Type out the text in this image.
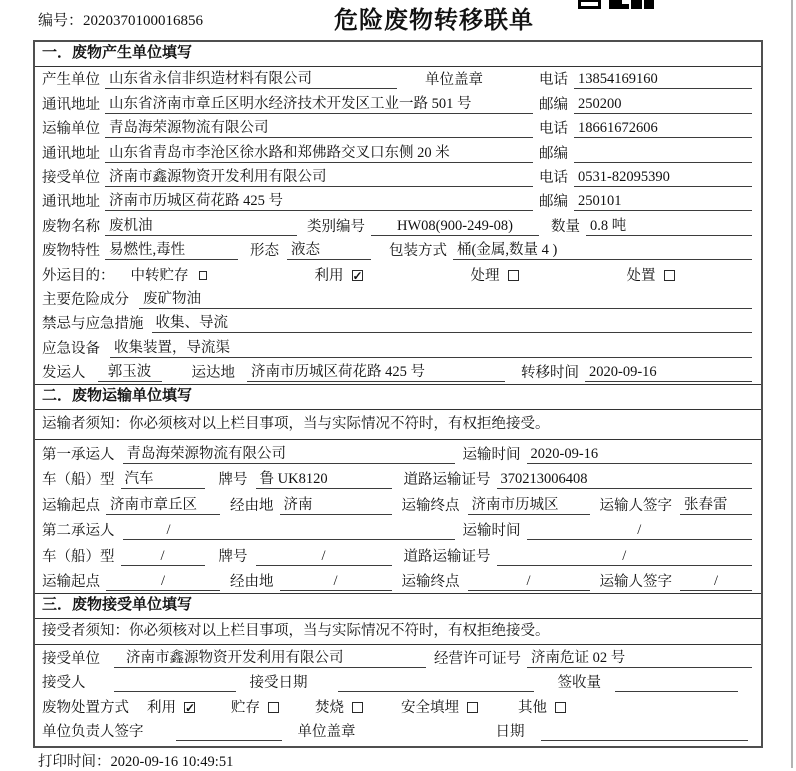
编号：2020370100016856	危险废物转移联单
一．废物产生单位填写
产生单位 山东省永信非织造材料有限公司	单位盖章	电话 13854169160
通讯地址 山东省济南市章丘区明水经济技术开发区工业一路 501 号	邮编 250200
运输单位 青岛海荣源物流有限公司	电话 18661672606
通讯地址 山东省青岛市李沧区徐水路和郑佛路交叉口东侧 20 米	邮编
接受单位 济南市鑫源物资开发利用有限公司	电话 0531-82095390
通讯地址 济南市历城区荷花路 425 号	邮编 250101
废物名称 废机油	类别编号	HW08(900-249-08)	数量 0.8 吨
废物特性 易燃性,毒性	形态 液态	包装方式 桶(金属,数量 4 )
外运目的： 中转贮存	利用 ✓	处理	处置
主要危险成分 废矿物油
禁忌与应急措施 收集、导流
应急设备 收集装置，导流渠
发运人	郭玉波	运达地 济南市历城区荷花路 425 号	转移时间 2020-09-16
二．废物运输单位填写
运输者须知：你必须核对以上栏目事项，当与实际情况不符时，有权拒绝接受。
第一承运人 青岛海荣源物流有限公司	运输时间 2020-09-16
车（船）型 汽车	牌号 鲁 UK8120	道路运输证号 370213006408
运输起点 济南市章丘区	经由地 济南	运输终点 济南市历城区	运输人签字 张春雷
第二承运人	/	运输时间	/
车（船）型	/	牌号	/	道路运输证号	/
运输起点	/	经由地	/	运输终点	/	运输人签字	/
三．废物接受单位填写
接受者须知：你必须核对以上栏目事项，当与实际情况不符时，有权拒绝接受。
接受单位	济南市鑫源物资开发利用有限公司	经营许可证号 济南危证 02 号
接受人	接受日期	签收量
废物处置方式 利用 ✓	贮存	焚烧	安全填埋	其他
单位负责人签字	单位盖章	日期
打印时间：2020-09-16 10:49:51
